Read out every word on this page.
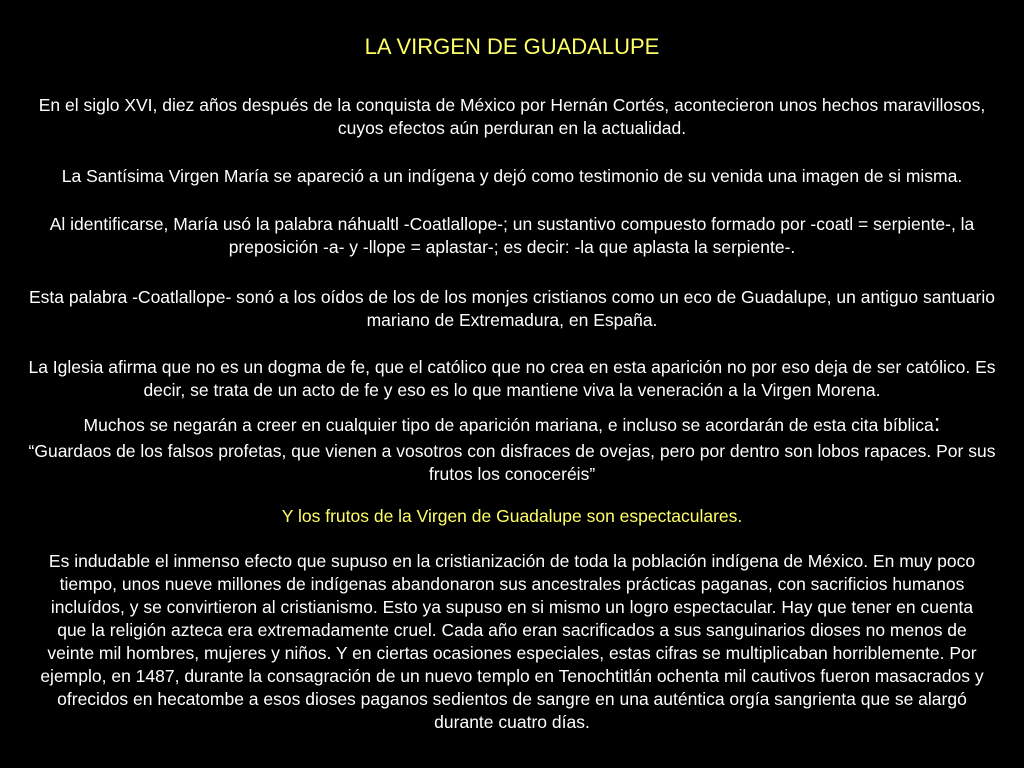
LA VIRGEN DE GUADALUPE
En el siglo XVI, diez años después de la conquista de México por Hernán Cortés, acontecieron unos hechos maravillosos, cuyos efectos aún perduran en la actualidad.
La Santísima Virgen María se apareció a un indígena y dejó como testimonio de su venida una imagen de si misma.
Al identificarse, María usó la palabra náhualtl -Coatlallope-; un sustantivo compuesto formado por -coatl = serpiente-, la preposición -a- y -llope = aplastar-; es decir: -la que aplasta la serpiente-.
Esta palabra -Coatlallope- sonó a los oídos de los de los monjes cristianos como un eco de Guadalupe, un antiguo santuario mariano de Extremadura, en España.
La Iglesia afirma que no es un dogma de fe, que el católico que no crea en esta aparición no por eso deja de ser católico. Es decir, se trata de un acto de fe y eso es lo que mantiene viva la veneración a la Virgen Morena.
Muchos se negarán a creer en cualquier tipo de aparición mariana, e incluso se acordarán de esta cita bíblica:
“Guardaos de los falsos profetas, que vienen a vosotros con disfraces de ovejas, pero por dentro son lobos rapaces. Por sus frutos los conoceréis”
Y los frutos de la Virgen de Guadalupe son espectaculares.
Es indudable el inmenso efecto que supuso en la cristianización de toda la población indígena de México. En muy poco tiempo, unos nueve millones de indígenas abandonaron sus ancestrales prácticas paganas, con sacrificios humanos incluídos, y se convirtieron al cristianismo. Esto ya supuso en si mismo un logro espectacular. Hay que tener en cuenta que la religión azteca era extremadamente cruel. Cada año eran sacrificados a sus sanguinarios dioses no menos de veinte mil hombres, mujeres y niños. Y en ciertas ocasiones especiales, estas cifras se multiplicaban horriblemente. Por ejemplo, en 1487, durante la consagración de un nuevo templo en Tenochtitlán ochenta mil cautivos fueron masacrados y ofrecidos en hecatombe a esos dioses paganos sedientos de sangre en una auténtica orgía sangrienta que se alargó durante cuatro días.
